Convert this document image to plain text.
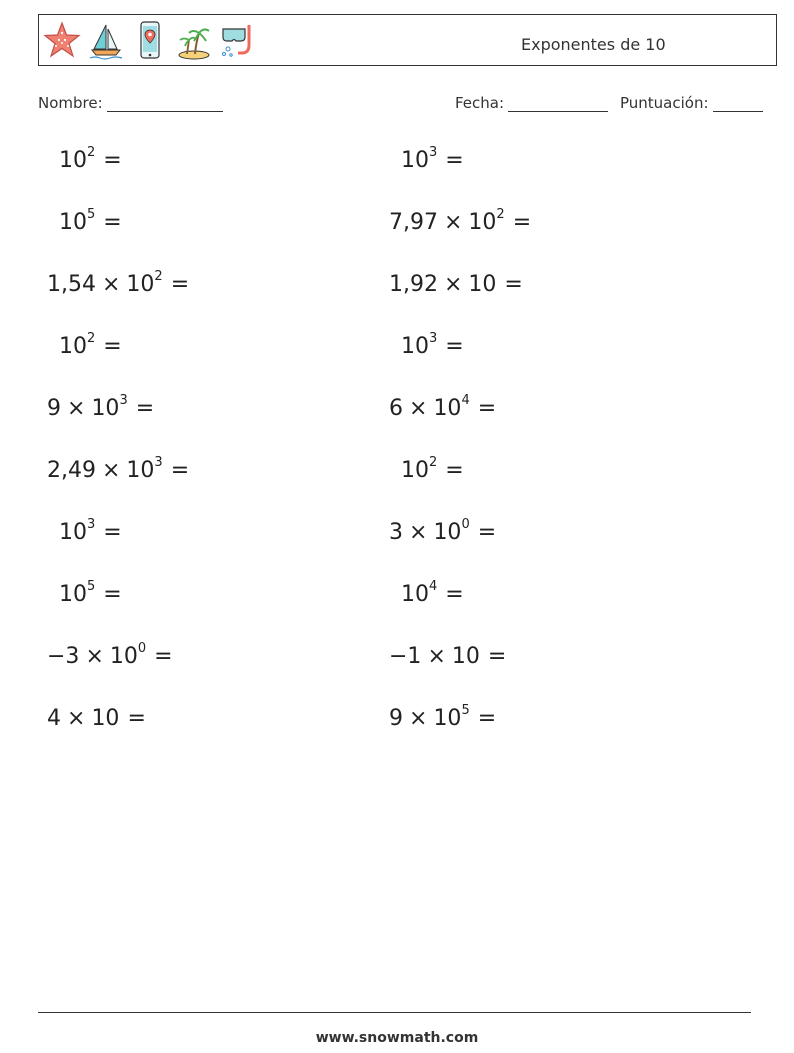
Exponentes de 10
Nombre:	Fecha:	Puntuación:
$10^2$ =	$10^3$ =
$10^5$ =	$7,97 \times 10^2$ =
$1,54 \times 10^2$ =	1,92 × 10 =
$10^2$ =	$10^3$ =
$9 \times 10^3$ =	$6 \times 10^4$ =
$2,49 \times 10^3$ =	$10^2$ =
$10^3$ =	$3 \times 10^0$ =
$10^5$ =	$10^4$ =
$-3 \times 10^0$ =	−1 × 10 =
4 × 10 =	$9 \times 10^5$ =
www.snowmath.com
